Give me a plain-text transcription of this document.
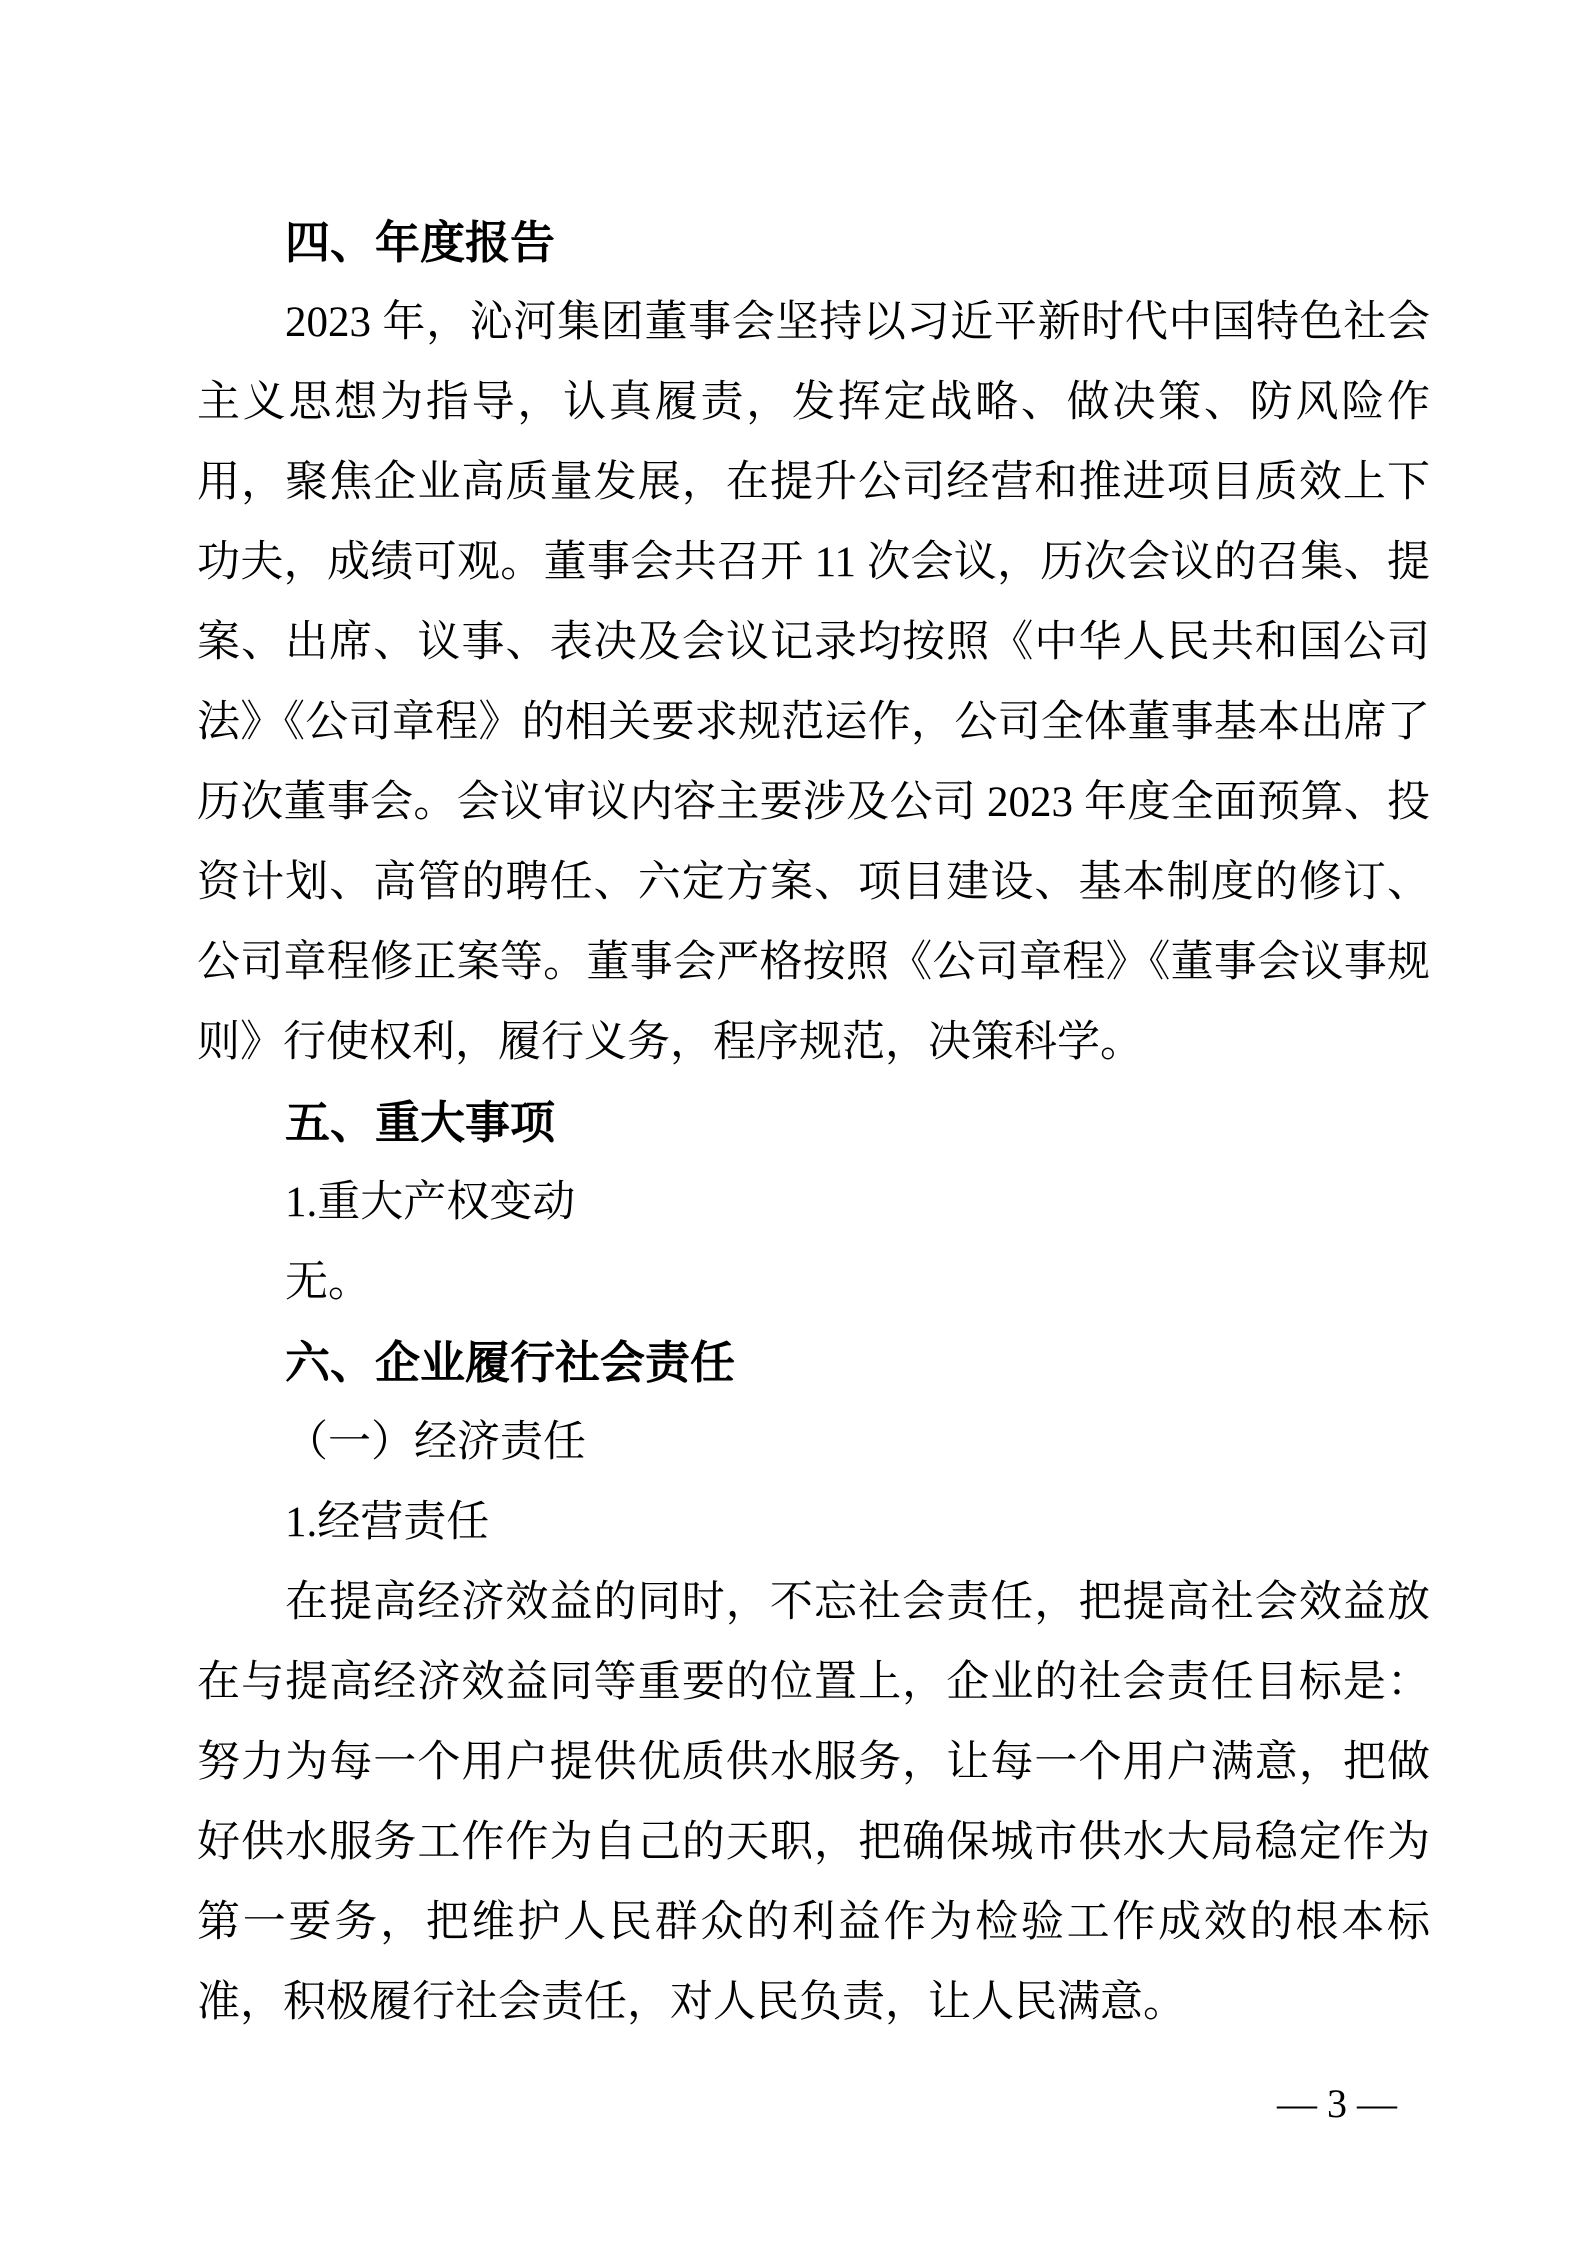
四、年度报告
2023 年，沁河集团董事会坚持以习近平新时代中国特色社会主义思想为指导，认真履责，发挥定战略、做决策、防风险作用，聚焦企业高质量发展，在提升公司经营和推进项目质效上下功夫，成绩可观。董事会共召开 11 次会议，历次会议的召集、提案、出席、议事、表决及会议记录均按照《中华人民共和国公司法》《公司章程》的相关要求规范运作，公司全体董事基本出席了历次董事会。会议审议内容主要涉及公司 2023 年度全面预算、投资计划、高管的聘任、六定方案、项目建设、基本制度的修订、公司章程修正案等。董事会严格按照《公司章程》《董事会议事规则》行使权利，履行义务，程序规范，决策科学。
五、重大事项
1.重大产权变动
无。
六、企业履行社会责任
（一）经济责任
1.经营责任
在提高经济效益的同时，不忘社会责任，把提高社会效益放在与提高经济效益同等重要的位置上，企业的社会责任目标是：努力为每一个用户提供优质供水服务，让每一个用户满意，把做好供水服务工作作为自己的天职，把确保城市供水大局稳定作为第一要务，把维护人民群众的利益作为检验工作成效的根本标准，积极履行社会责任，对人民负责，让人民满意。
— 3 —
